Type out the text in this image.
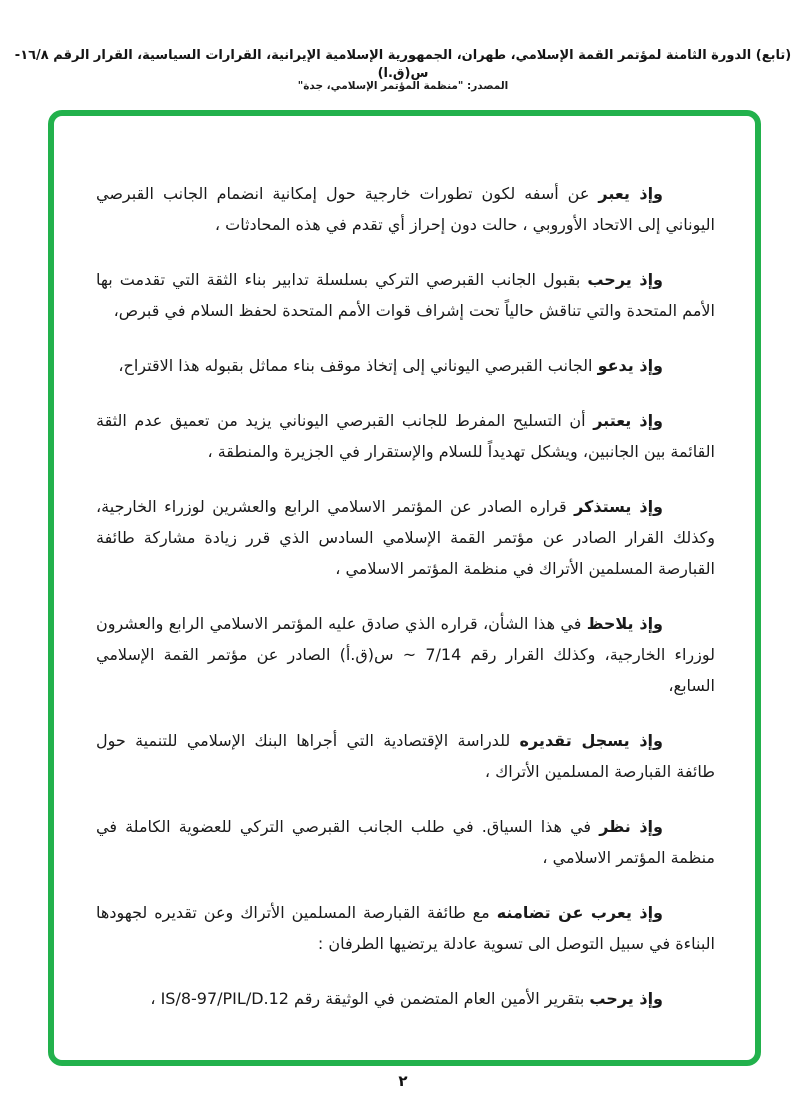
(تابع) الدورة الثامنة لمؤتمر القمة الإسلامي، طهران، الجمهورية الإسلامية الإيرانية، القرارات السياسية، القرار الرقم ١٦/٨-س(ق.ا)
المصدر: "منظمة المؤتمر الإسلامي، جدة"

وإذ يعبر عن أسفه لكون تطورات خارجية حول إمكانية انضمام الجانب القبرصي اليوناني إلى الاتحاد الأوروبي ، حالت دون إحراز أي تقدم في هذه المحادثات ،

وإذ يرحب بقبول الجانب القبرصي التركي بسلسلة تدابير بناء الثقة التي تقدمت بها الأمم المتحدة والتي تناقش حالياً تحت إشراف قوات الأمم المتحدة لحفظ السلام في قبرص،

وإذ يدعو الجانب القبرصي اليوناني إلى إتخاذ موقف بناء مماثل بقبوله هذا الاقتراح،

وإذ يعتبر أن التسليح المفرط للجانب القبرصي اليوناني يزيد من تعميق عدم الثقة القائمة بين الجانبين، ويشكل تهديداً للسلام والإستقرار في الجزيرة والمنطقة ،

وإذ يستذكر قراره الصادر عن المؤتمر الاسلامي الرابع والعشرين لوزراء الخارجية، وكذلك القرار الصادر عن مؤتمر القمة الإسلامي السادس الذي قرر زيادة مشاركة طائفة القبارصة المسلمين الأتراك في منظمة المؤتمر الاسلامي ،

وإذ يلاحظ في هذا الشأن، قراره الذي صادق عليه المؤتمر الاسلامي الرابع والعشرون لوزراء الخارجية، وكذلك القرار رقم 7/14 ~ س(ق.أ) الصادر عن مؤتمر القمة الإسلامي السابع،

وإذ يسجل تقديره للدراسة الإقتصادية التي أجراها البنك الإسلامي للتنمية حول طائفة القبارصة المسلمين الأتراك ،

وإذ نظر في هذا السياق. في طلب الجانب القبرصي التركي للعضوية الكاملة في منظمة المؤتمر الاسلامي ،

وإذ يعرب عن تضامنه مع طائفة القبارصة المسلمين الأتراك وعن تقديره لجهودها البناءة في سبيل التوصل الى تسوية عادلة يرتضيها الطرفان :

وإذ يرحب بتقرير الأمين العام المتضمن في الوثيقة رقم IS/8-97/PIL/D.12 ،

٢
